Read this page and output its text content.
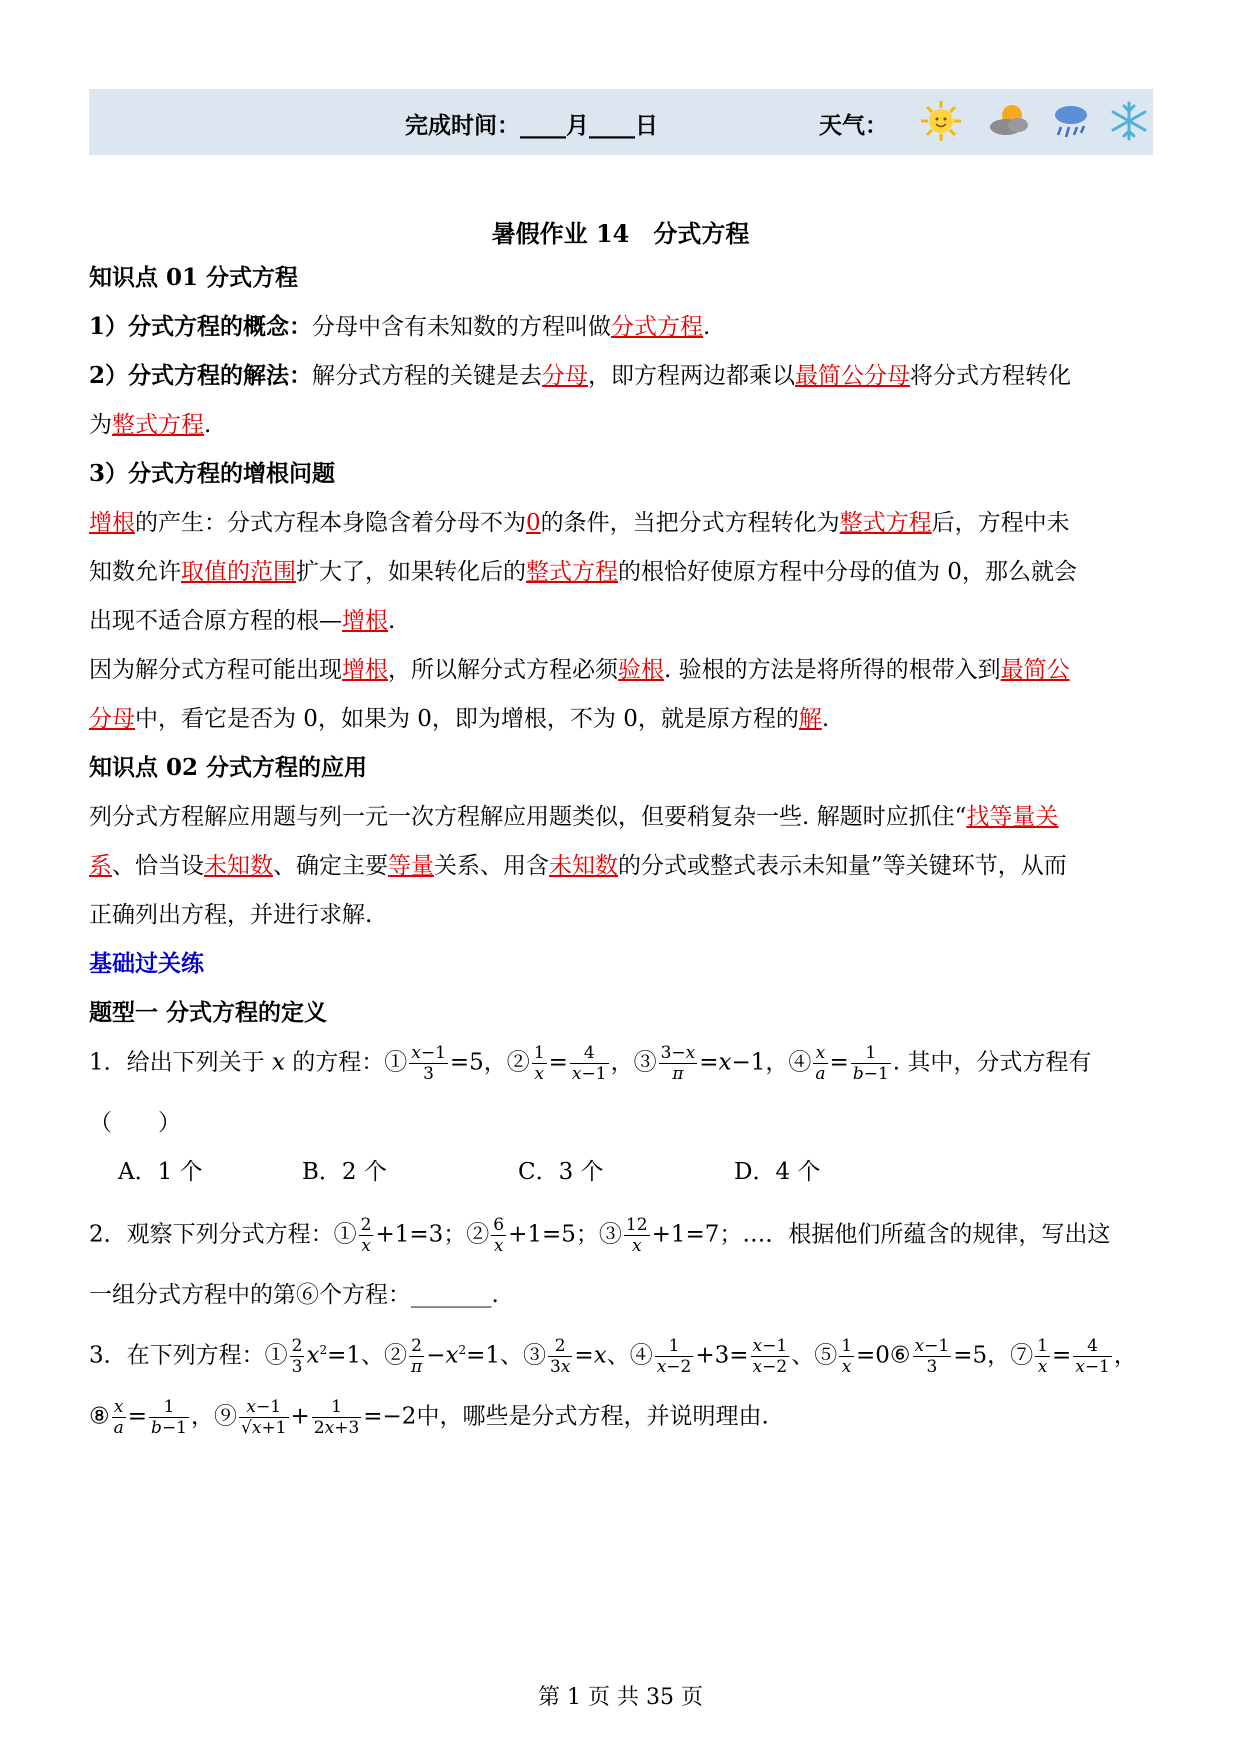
完成时间：____月____日	天气：
暑假作业 14　分式方程
知识点 01 分式方程
1）分式方程的概念：分母中含有未知数的方程叫做分式方程.
2）分式方程的解法：解分式方程的关键是去分母，即方程两边都乘以最简公分母将分式方程转化
为整式方程.
3）分式方程的增根问题
增根的产生：分式方程本身隐含着分母不为0的条件，当把分式方程转化为整式方程后，方程中未
知数允许取值的范围扩大了，如果转化后的整式方程的根恰好使原方程中分母的值为 0，那么就会
出现不适合原方程的根—增根.
因为解分式方程可能出现增根，所以解分式方程必须验根. 验根的方法是将所得的根带入到最简公
分母中，看它是否为 0，如果为 0，即为增根，不为 0，就是原方程的解.
知识点 02 分式方程的应用
列分式方程解应用题与列一元一次方程解应用题类似，但要稍复杂一些. 解题时应抓住“找等量关
系、恰当设未知数、确定主要等量关系、用含未知数的分式或整式表示未知量”等关键环节，从而
正确列出方程，并进行求解.
基础过关练
题型一 分式方程的定义
1．给出下列关于 x 的方程：① $\frac{x-1}{3} =5$，② $\frac{1}{x} = \frac{4}{x-1}$ ，③ $\frac{3-x}{\pi} =x-1$，④ $\frac{x}{a} = \frac{1}{b-1}$ . 其中，分式方程有
（　　）
A．1 个	B．2 个	C．3 个	D．4 个
2．观察下列分式方程：① $\frac{2}{x} +1=3$；② $\frac{6}{x} +1=5$；③ $\frac{12}{x} +1=7$；…．根据他们所蕴含的规律，写出这
一组分式方程中的第⑥个方程：_______.
3．在下列方程：① $\frac{2}{3} x^2=1$、② $\frac{2}{\pi} -x^2=1$、③ $\frac{2}{3x} =x$、④ $\frac{1}{x-2} +3= \frac{x-1}{x-2}$ 、⑤ $\frac{1}{x}$ =0⑥ $\frac{x-1}{3} =5$，⑦ $\frac{1}{x} = \frac{4}{x-1}$ ，
⑧ $\frac{x}{a} = \frac{1}{b-1}$ ，⑨ $\frac{x-1}{√x+1} + \frac{1}{2x+3} =-2$中，哪些是分式方程，并说明理由.
第 1 页 共 35 页
